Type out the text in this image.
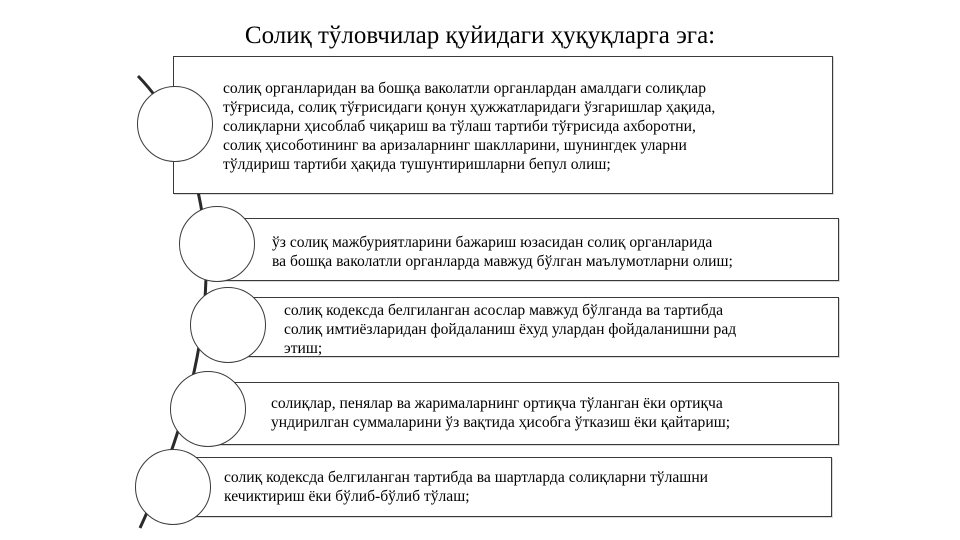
Солиқ тўловчилар қуйидаги ҳуқуқларга эга:
солиқ органларидан ва бошқа ваколатли органлардан амалдаги солиқлар
тўғрисида, солиқ тўғрисидаги қонун ҳужжатларидаги ўзгаришлар ҳақида,
солиқларни ҳисоблаб чиқариш ва тўлаш тартиби тўғрисида ахборотни,
солиқ ҳисоботининг ва аризаларнинг шаклларини, шунингдек уларни
тўлдириш тартиби ҳақида тушунтиришларни бепул олиш;
ўз солиқ мажбуриятларини бажариш юзасидан солиқ органларида
ва бошқа ваколатли органларда мавжуд бўлган маълумотларни олиш;
солиқ кодексда белгиланган асослар мавжуд бўлганда ва тартибда
солиқ имтиёзларидан фойдаланиш ёхуд улардан фойдаланишни рад
этиш;
солиқлар, пенялар ва жарималарнинг ортиқча тўланган ёки ортиқча
ундирилган суммаларини ўз вақтида ҳисобга ўтказиш ёки қайтариш;
солиқ кодексда белгиланган тартибда ва шартларда солиқларни тўлашни
кечиктириш ёки бўлиб-бўлиб тўлаш;
